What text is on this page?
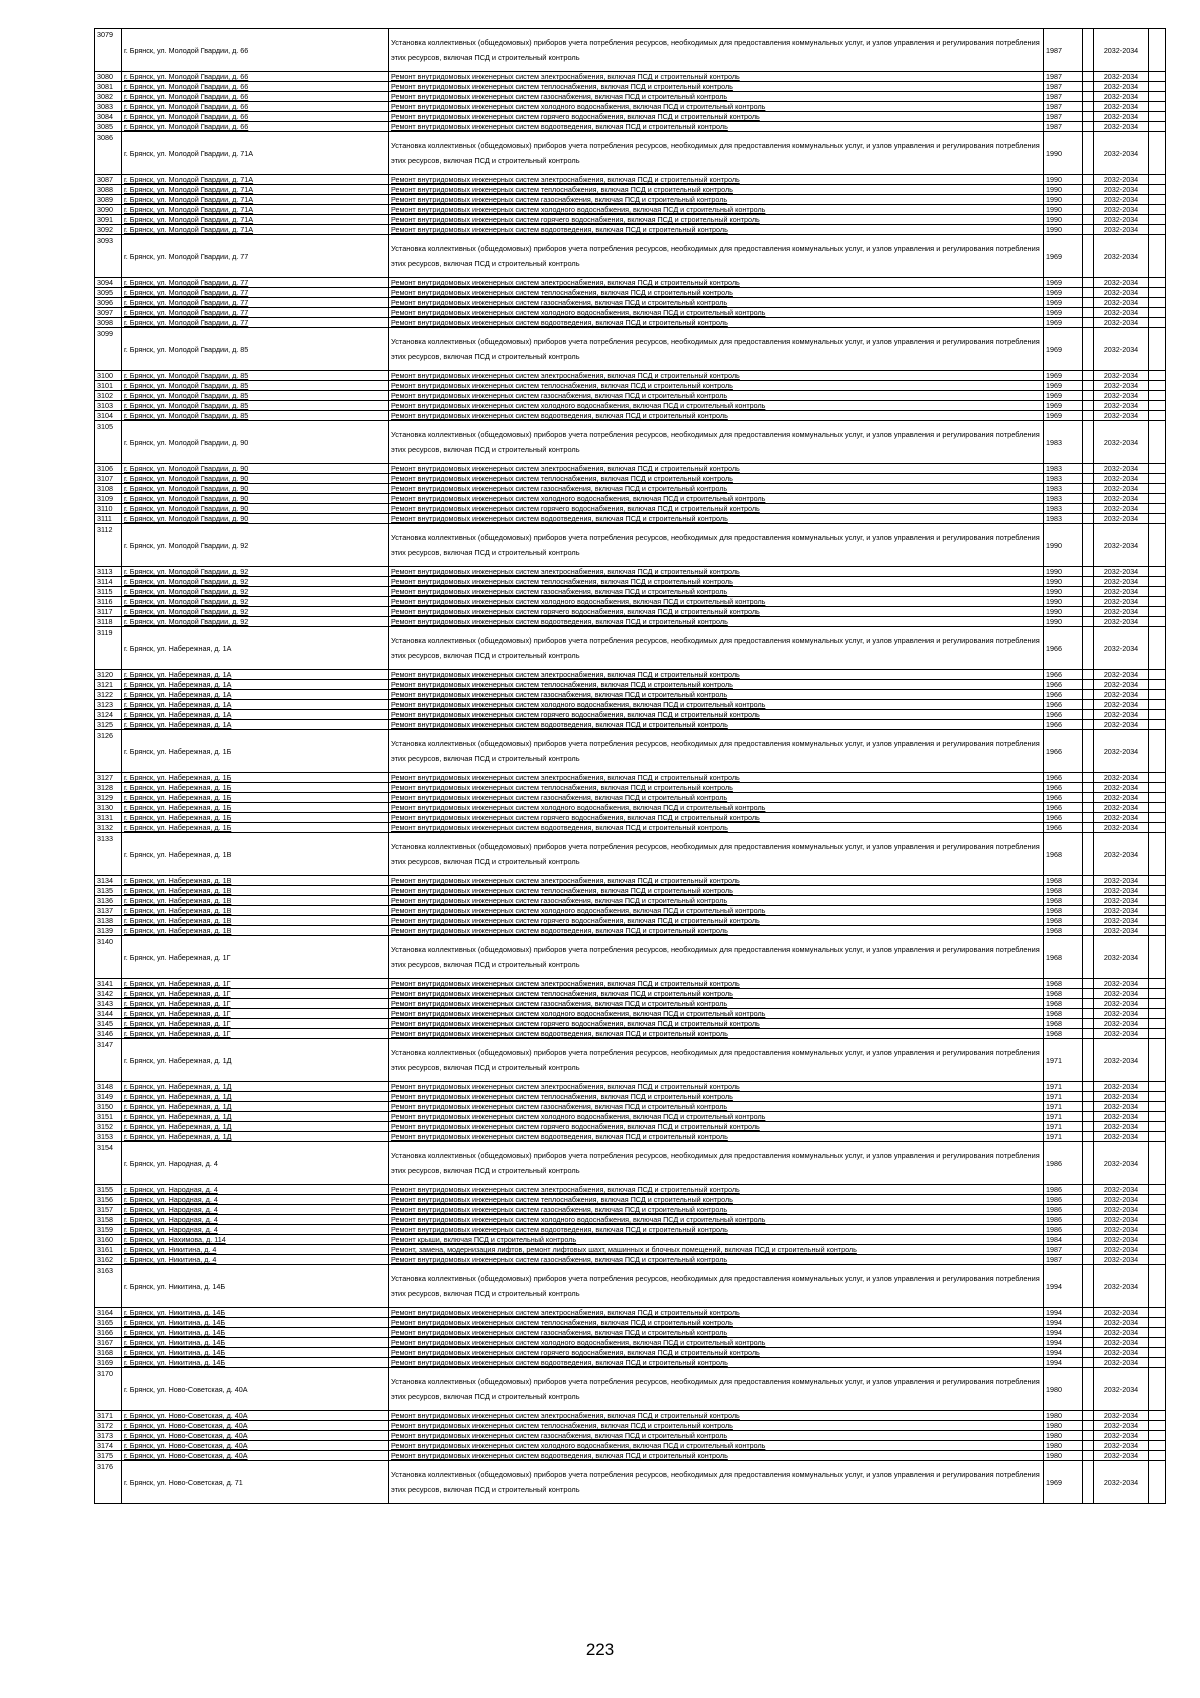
3079	г. Брянск, ул. Молодой Гвардии, д. 66	Установка коллективных (общедомовых) приборов учета потребления ресурсов, необходимых для предоставления коммунальных услуг, и узлов управления и регулирования потребления этих ресурсов, включая ПСД и строительный контроль	1987		2032-2034	
3080	г. Брянск, ул. Молодой Гвардии, д. 66	Ремонт внутридомовых инженерных систем электроснабжения, включая ПСД и строительный контроль	1987		2032-2034	
3081	г. Брянск, ул. Молодой Гвардии, д. 66	Ремонт внутридомовых инженерных систем теплоснабжения, включая ПСД и строительный контроль	1987		2032-2034	
3082	г. Брянск, ул. Молодой Гвардии, д. 66	Ремонт внутридомовых инженерных систем газоснабжения, включая ПСД и строительный контроль	1987		2032-2034	
3083	г. Брянск, ул. Молодой Гвардии, д. 66	Ремонт внутридомовых инженерных систем холодного водоснабжения, включая ПСД и строительный контроль	1987		2032-2034	
3084	г. Брянск, ул. Молодой Гвардии, д. 66	Ремонт внутридомовых инженерных систем горячего водоснабжения, включая ПСД и строительный контроль	1987		2032-2034	
3085	г. Брянск, ул. Молодой Гвардии, д. 66	Ремонт внутридомовых инженерных систем водоотведения, включая ПСД и строительный контроль	1987		2032-2034	
3086	г. Брянск, ул. Молодой Гвардии, д. 71А	Установка коллективных (общедомовых) приборов учета потребления ресурсов, необходимых для предоставления коммунальных услуг, и узлов управления и регулирования потребления этих ресурсов, включая ПСД и строительный контроль	1990		2032-2034	
3087	г. Брянск, ул. Молодой Гвардии, д. 71А	Ремонт внутридомовых инженерных систем электроснабжения, включая ПСД и строительный контроль	1990		2032-2034	
3088	г. Брянск, ул. Молодой Гвардии, д. 71А	Ремонт внутридомовых инженерных систем теплоснабжения, включая ПСД и строительный контроль	1990		2032-2034	
3089	г. Брянск, ул. Молодой Гвардии, д. 71А	Ремонт внутридомовых инженерных систем газоснабжения, включая ПСД и строительный контроль	1990		2032-2034	
3090	г. Брянск, ул. Молодой Гвардии, д. 71А	Ремонт внутридомовых инженерных систем холодного водоснабжения, включая ПСД и строительный контроль	1990		2032-2034	
3091	г. Брянск, ул. Молодой Гвардии, д. 71А	Ремонт внутридомовых инженерных систем горячего водоснабжения, включая ПСД и строительный контроль	1990		2032-2034	
3092	г. Брянск, ул. Молодой Гвардии, д. 71А	Ремонт внутридомовых инженерных систем водоотведения, включая ПСД и строительный контроль	1990		2032-2034	
3093	г. Брянск, ул. Молодой Гвардии, д. 77	Установка коллективных (общедомовых) приборов учета потребления ресурсов, необходимых для предоставления коммунальных услуг, и узлов управления и регулирования потребления этих ресурсов, включая ПСД и строительный контроль	1969		2032-2034	
3094	г. Брянск, ул. Молодой Гвардии, д. 77	Ремонт внутридомовых инженерных систем электроснабжения, включая ПСД и строительный контроль	1969		2032-2034	
3095	г. Брянск, ул. Молодой Гвардии, д. 77	Ремонт внутридомовых инженерных систем теплоснабжения, включая ПСД и строительный контроль	1969		2032-2034	
3096	г. Брянск, ул. Молодой Гвардии, д. 77	Ремонт внутридомовых инженерных систем газоснабжения, включая ПСД и строительный контроль	1969		2032-2034	
3097	г. Брянск, ул. Молодой Гвардии, д. 77	Ремонт внутридомовых инженерных систем холодного водоснабжения, включая ПСД и строительный контроль	1969		2032-2034	
3098	г. Брянск, ул. Молодой Гвардии, д. 77	Ремонт внутридомовых инженерных систем водоотведения, включая ПСД и строительный контроль	1969		2032-2034	
3099	г. Брянск, ул. Молодой Гвардии, д. 85	Установка коллективных (общедомовых) приборов учета потребления ресурсов, необходимых для предоставления коммунальных услуг, и узлов управления и регулирования потребления этих ресурсов, включая ПСД и строительный контроль	1969		2032-2034	
3100	г. Брянск, ул. Молодой Гвардии, д. 85	Ремонт внутридомовых инженерных систем электроснабжения, включая ПСД и строительный контроль	1969		2032-2034	
3101	г. Брянск, ул. Молодой Гвардии, д. 85	Ремонт внутридомовых инженерных систем теплоснабжения, включая ПСД и строительный контроль	1969		2032-2034	
3102	г. Брянск, ул. Молодой Гвардии, д. 85	Ремонт внутридомовых инженерных систем газоснабжения, включая ПСД и строительный контроль	1969		2032-2034	
3103	г. Брянск, ул. Молодой Гвардии, д. 85	Ремонт внутридомовых инженерных систем холодного водоснабжения, включая ПСД и строительный контроль	1969		2032-2034	
3104	г. Брянск, ул. Молодой Гвардии, д. 85	Ремонт внутридомовых инженерных систем водоотведения, включая ПСД и строительный контроль	1969		2032-2034	
3105	г. Брянск, ул. Молодой Гвардии, д. 90	Установка коллективных (общедомовых) приборов учета потребления ресурсов, необходимых для предоставления коммунальных услуг, и узлов управления и регулирования потребления этих ресурсов, включая ПСД и строительный контроль	1983		2032-2034	
3106	г. Брянск, ул. Молодой Гвардии, д. 90	Ремонт внутридомовых инженерных систем электроснабжения, включая ПСД и строительный контроль	1983		2032-2034	
3107	г. Брянск, ул. Молодой Гвардии, д. 90	Ремонт внутридомовых инженерных систем теплоснабжения, включая ПСД и строительный контроль	1983		2032-2034	
3108	г. Брянск, ул. Молодой Гвардии, д. 90	Ремонт внутридомовых инженерных систем газоснабжения, включая ПСД и строительный контроль	1983		2032-2034	
3109	г. Брянск, ул. Молодой Гвардии, д. 90	Ремонт внутридомовых инженерных систем холодного водоснабжения, включая ПСД и строительный контроль	1983		2032-2034	
3110	г. Брянск, ул. Молодой Гвардии, д. 90	Ремонт внутридомовых инженерных систем горячего водоснабжения, включая ПСД и строительный контроль	1983		2032-2034	
3111	г. Брянск, ул. Молодой Гвардии, д. 90	Ремонт внутридомовых инженерных систем водоотведения, включая ПСД и строительный контроль	1983		2032-2034	
3112	г. Брянск, ул. Молодой Гвардии, д. 92	Установка коллективных (общедомовых) приборов учета потребления ресурсов, необходимых для предоставления коммунальных услуг, и узлов управления и регулирования потребления этих ресурсов, включая ПСД и строительный контроль	1990		2032-2034	
3113	г. Брянск, ул. Молодой Гвардии, д. 92	Ремонт внутридомовых инженерных систем электроснабжения, включая ПСД и строительный контроль	1990		2032-2034	
3114	г. Брянск, ул. Молодой Гвардии, д. 92	Ремонт внутридомовых инженерных систем теплоснабжения, включая ПСД и строительный контроль	1990		2032-2034	
3115	г. Брянск, ул. Молодой Гвардии, д. 92	Ремонт внутридомовых инженерных систем газоснабжения, включая ПСД и строительный контроль	1990		2032-2034	
3116	г. Брянск, ул. Молодой Гвардии, д. 92	Ремонт внутридомовых инженерных систем холодного водоснабжения, включая ПСД и строительный контроль	1990		2032-2034	
3117	г. Брянск, ул. Молодой Гвардии, д. 92	Ремонт внутридомовых инженерных систем горячего водоснабжения, включая ПСД и строительный контроль	1990		2032-2034	
3118	г. Брянск, ул. Молодой Гвардии, д. 92	Ремонт внутридомовых инженерных систем водоотведения, включая ПСД и строительный контроль	1990		2032-2034	
3119	г. Брянск, ул. Набережная, д. 1А	Установка коллективных (общедомовых) приборов учета потребления ресурсов, необходимых для предоставления коммунальных услуг, и узлов управления и регулирования потребления этих ресурсов, включая ПСД и строительный контроль	1966		2032-2034	
3120	г. Брянск, ул. Набережная, д. 1А	Ремонт внутридомовых инженерных систем электроснабжения, включая ПСД и строительный контроль	1966		2032-2034	
3121	г. Брянск, ул. Набережная, д. 1А	Ремонт внутридомовых инженерных систем теплоснабжения, включая ПСД и строительный контроль	1966		2032-2034	
3122	г. Брянск, ул. Набережная, д. 1А	Ремонт внутридомовых инженерных систем газоснабжения, включая ПСД и строительный контроль	1966		2032-2034	
3123	г. Брянск, ул. Набережная, д. 1А	Ремонт внутридомовых инженерных систем холодного водоснабжения, включая ПСД и строительный контроль	1966		2032-2034	
3124	г. Брянск, ул. Набережная, д. 1А	Ремонт внутридомовых инженерных систем горячего водоснабжения, включая ПСД и строительный контроль	1966		2032-2034	
3125	г. Брянск, ул. Набережная, д. 1А	Ремонт внутридомовых инженерных систем водоотведения, включая ПСД и строительный контроль	1966		2032-2034	
3126	г. Брянск, ул. Набережная, д. 1Б	Установка коллективных (общедомовых) приборов учета потребления ресурсов, необходимых для предоставления коммунальных услуг, и узлов управления и регулирования потребления этих ресурсов, включая ПСД и строительный контроль	1966		2032-2034	
3127	г. Брянск, ул. Набережная, д. 1Б	Ремонт внутридомовых инженерных систем электроснабжения, включая ПСД и строительный контроль	1966		2032-2034	
3128	г. Брянск, ул. Набережная, д. 1Б	Ремонт внутридомовых инженерных систем теплоснабжения, включая ПСД и строительный контроль	1966		2032-2034	
3129	г. Брянск, ул. Набережная, д. 1Б	Ремонт внутридомовых инженерных систем газоснабжения, включая ПСД и строительный контроль	1966		2032-2034	
3130	г. Брянск, ул. Набережная, д. 1Б	Ремонт внутридомовых инженерных систем холодного водоснабжения, включая ПСД и строительный контроль	1966		2032-2034	
3131	г. Брянск, ул. Набережная, д. 1Б	Ремонт внутридомовых инженерных систем горячего водоснабжения, включая ПСД и строительный контроль	1966		2032-2034	
3132	г. Брянск, ул. Набережная, д. 1Б	Ремонт внутридомовых инженерных систем водоотведения, включая ПСД и строительный контроль	1966		2032-2034	
3133	г. Брянск, ул. Набережная, д. 1В	Установка коллективных (общедомовых) приборов учета потребления ресурсов, необходимых для предоставления коммунальных услуг, и узлов управления и регулирования потребления этих ресурсов, включая ПСД и строительный контроль	1968		2032-2034	
3134	г. Брянск, ул. Набережная, д. 1В	Ремонт внутридомовых инженерных систем электроснабжения, включая ПСД и строительный контроль	1968		2032-2034	
3135	г. Брянск, ул. Набережная, д. 1В	Ремонт внутридомовых инженерных систем теплоснабжения, включая ПСД и строительный контроль	1968		2032-2034	
3136	г. Брянск, ул. Набережная, д. 1В	Ремонт внутридомовых инженерных систем газоснабжения, включая ПСД и строительный контроль	1968		2032-2034	
3137	г. Брянск, ул. Набережная, д. 1В	Ремонт внутридомовых инженерных систем холодного водоснабжения, включая ПСД и строительный контроль	1968		2032-2034	
3138	г. Брянск, ул. Набережная, д. 1В	Ремонт внутридомовых инженерных систем горячего водоснабжения, включая ПСД и строительный контроль	1968		2032-2034	
3139	г. Брянск, ул. Набережная, д. 1В	Ремонт внутридомовых инженерных систем водоотведения, включая ПСД и строительный контроль	1968		2032-2034	
3140	г. Брянск, ул. Набережная, д. 1Г	Установка коллективных (общедомовых) приборов учета потребления ресурсов, необходимых для предоставления коммунальных услуг, и узлов управления и регулирования потребления этих ресурсов, включая ПСД и строительный контроль	1968		2032-2034	
3141	г. Брянск, ул. Набережная, д. 1Г	Ремонт внутридомовых инженерных систем электроснабжения, включая ПСД и строительный контроль	1968		2032-2034	
3142	г. Брянск, ул. Набережная, д. 1Г	Ремонт внутридомовых инженерных систем теплоснабжения, включая ПСД и строительный контроль	1968		2032-2034	
3143	г. Брянск, ул. Набережная, д. 1Г	Ремонт внутридомовых инженерных систем газоснабжения, включая ПСД и строительный контроль	1968		2032-2034	
3144	г. Брянск, ул. Набережная, д. 1Г	Ремонт внутридомовых инженерных систем холодного водоснабжения, включая ПСД и строительный контроль	1968		2032-2034	
3145	г. Брянск, ул. Набережная, д. 1Г	Ремонт внутридомовых инженерных систем горячего водоснабжения, включая ПСД и строительный контроль	1968		2032-2034	
3146	г. Брянск, ул. Набережная, д. 1Г	Ремонт внутридомовых инженерных систем водоотведения, включая ПСД и строительный контроль	1968		2032-2034	
3147	г. Брянск, ул. Набережная, д. 1Д	Установка коллективных (общедомовых) приборов учета потребления ресурсов, необходимых для предоставления коммунальных услуг, и узлов управления и регулирования потребления этих ресурсов, включая ПСД и строительный контроль	1971		2032-2034	
3148	г. Брянск, ул. Набережная, д. 1Д	Ремонт внутридомовых инженерных систем электроснабжения, включая ПСД и строительный контроль	1971		2032-2034	
3149	г. Брянск, ул. Набережная, д. 1Д	Ремонт внутридомовых инженерных систем теплоснабжения, включая ПСД и строительный контроль	1971		2032-2034	
3150	г. Брянск, ул. Набережная, д. 1Д	Ремонт внутридомовых инженерных систем газоснабжения, включая ПСД и строительный контроль	1971		2032-2034	
3151	г. Брянск, ул. Набережная, д. 1Д	Ремонт внутридомовых инженерных систем холодного водоснабжения, включая ПСД и строительный контроль	1971		2032-2034	
3152	г. Брянск, ул. Набережная, д. 1Д	Ремонт внутридомовых инженерных систем горячего водоснабжения, включая ПСД и строительный контроль	1971		2032-2034	
3153	г. Брянск, ул. Набережная, д. 1Д	Ремонт внутридомовых инженерных систем водоотведения, включая ПСД и строительный контроль	1971		2032-2034	
3154	г. Брянск, ул. Народная, д. 4	Установка коллективных (общедомовых) приборов учета потребления ресурсов, необходимых для предоставления коммунальных услуг, и узлов управления и регулирования потребления этих ресурсов, включая ПСД и строительный контроль	1986		2032-2034	
3155	г. Брянск, ул. Народная, д. 4	Ремонт внутридомовых инженерных систем электроснабжения, включая ПСД и строительный контроль	1986		2032-2034	
3156	г. Брянск, ул. Народная, д. 4	Ремонт внутридомовых инженерных систем теплоснабжения, включая ПСД и строительный контроль	1986		2032-2034	
3157	г. Брянск, ул. Народная, д. 4	Ремонт внутридомовых инженерных систем газоснабжения, включая ПСД и строительный контроль	1986		2032-2034	
3158	г. Брянск, ул. Народная, д. 4	Ремонт внутридомовых инженерных систем холодного водоснабжения, включая ПСД и строительный контроль	1986		2032-2034	
3159	г. Брянск, ул. Народная, д. 4	Ремонт внутридомовых инженерных систем водоотведения, включая ПСД и строительный контроль	1986		2032-2034	
3160	г. Брянск, ул. Нахимова, д. 114	Ремонт крыши, включая ПСД и строительный контроль	1984		2032-2034	
3161	г. Брянск, ул. Никитина, д. 4	Ремонт, замена, модернизация лифтов, ремонт лифтовых шахт, машинных и блочных помещений, включая ПСД и строительный контроль	1987		2032-2034	
3162	г. Брянск, ул. Никитина, д. 4	Ремонт внутридомовых инженерных систем газоснабжения, включая ПСД и строительный контроль	1987		2032-2034	
3163	г. Брянск, ул. Никитина, д. 14Б	Установка коллективных (общедомовых) приборов учета потребления ресурсов, необходимых для предоставления коммунальных услуг, и узлов управления и регулирования потребления этих ресурсов, включая ПСД и строительный контроль	1994		2032-2034	
3164	г. Брянск, ул. Никитина, д. 14Б	Ремонт внутридомовых инженерных систем электроснабжения, включая ПСД и строительный контроль	1994		2032-2034	
3165	г. Брянск, ул. Никитина, д. 14Б	Ремонт внутридомовых инженерных систем теплоснабжения, включая ПСД и строительный контроль	1994		2032-2034	
3166	г. Брянск, ул. Никитина, д. 14Б	Ремонт внутридомовых инженерных систем газоснабжения, включая ПСД и строительный контроль	1994		2032-2034	
3167	г. Брянск, ул. Никитина, д. 14Б	Ремонт внутридомовых инженерных систем холодного водоснабжения, включая ПСД и строительный контроль	1994		2032-2034	
3168	г. Брянск, ул. Никитина, д. 14Б	Ремонт внутридомовых инженерных систем горячего водоснабжения, включая ПСД и строительный контроль	1994		2032-2034	
3169	г. Брянск, ул. Никитина, д. 14Б	Ремонт внутридомовых инженерных систем водоотведения, включая ПСД и строительный контроль	1994		2032-2034	
3170	г. Брянск, ул. Ново-Советская, д. 40А	Установка коллективных (общедомовых) приборов учета потребления ресурсов, необходимых для предоставления коммунальных услуг, и узлов управления и регулирования потребления этих ресурсов, включая ПСД и строительный контроль	1980		2032-2034	
3171	г. Брянск, ул. Ново-Советская, д. 40А	Ремонт внутридомовых инженерных систем электроснабжения, включая ПСД и строительный контроль	1980		2032-2034	
3172	г. Брянск, ул. Ново-Советская, д. 40А	Ремонт внутридомовых инженерных систем теплоснабжения, включая ПСД и строительный контроль	1980		2032-2034	
3173	г. Брянск, ул. Ново-Советская, д. 40А	Ремонт внутридомовых инженерных систем газоснабжения, включая ПСД и строительный контроль	1980		2032-2034	
3174	г. Брянск, ул. Ново-Советская, д. 40А	Ремонт внутридомовых инженерных систем холодного водоснабжения, включая ПСД и строительный контроль	1980		2032-2034	
3175	г. Брянск, ул. Ново-Советская, д. 40А	Ремонт внутридомовых инженерных систем водоотведения, включая ПСД и строительный контроль	1980		2032-2034	
3176	г. Брянск, ул. Ново-Советская, д. 71	Установка коллективных (общедомовых) приборов учета потребления ресурсов, необходимых для предоставления коммунальных услуг, и узлов управления и регулирования потребления этих ресурсов, включая ПСД и строительный контроль	1969		2032-2034	
223
